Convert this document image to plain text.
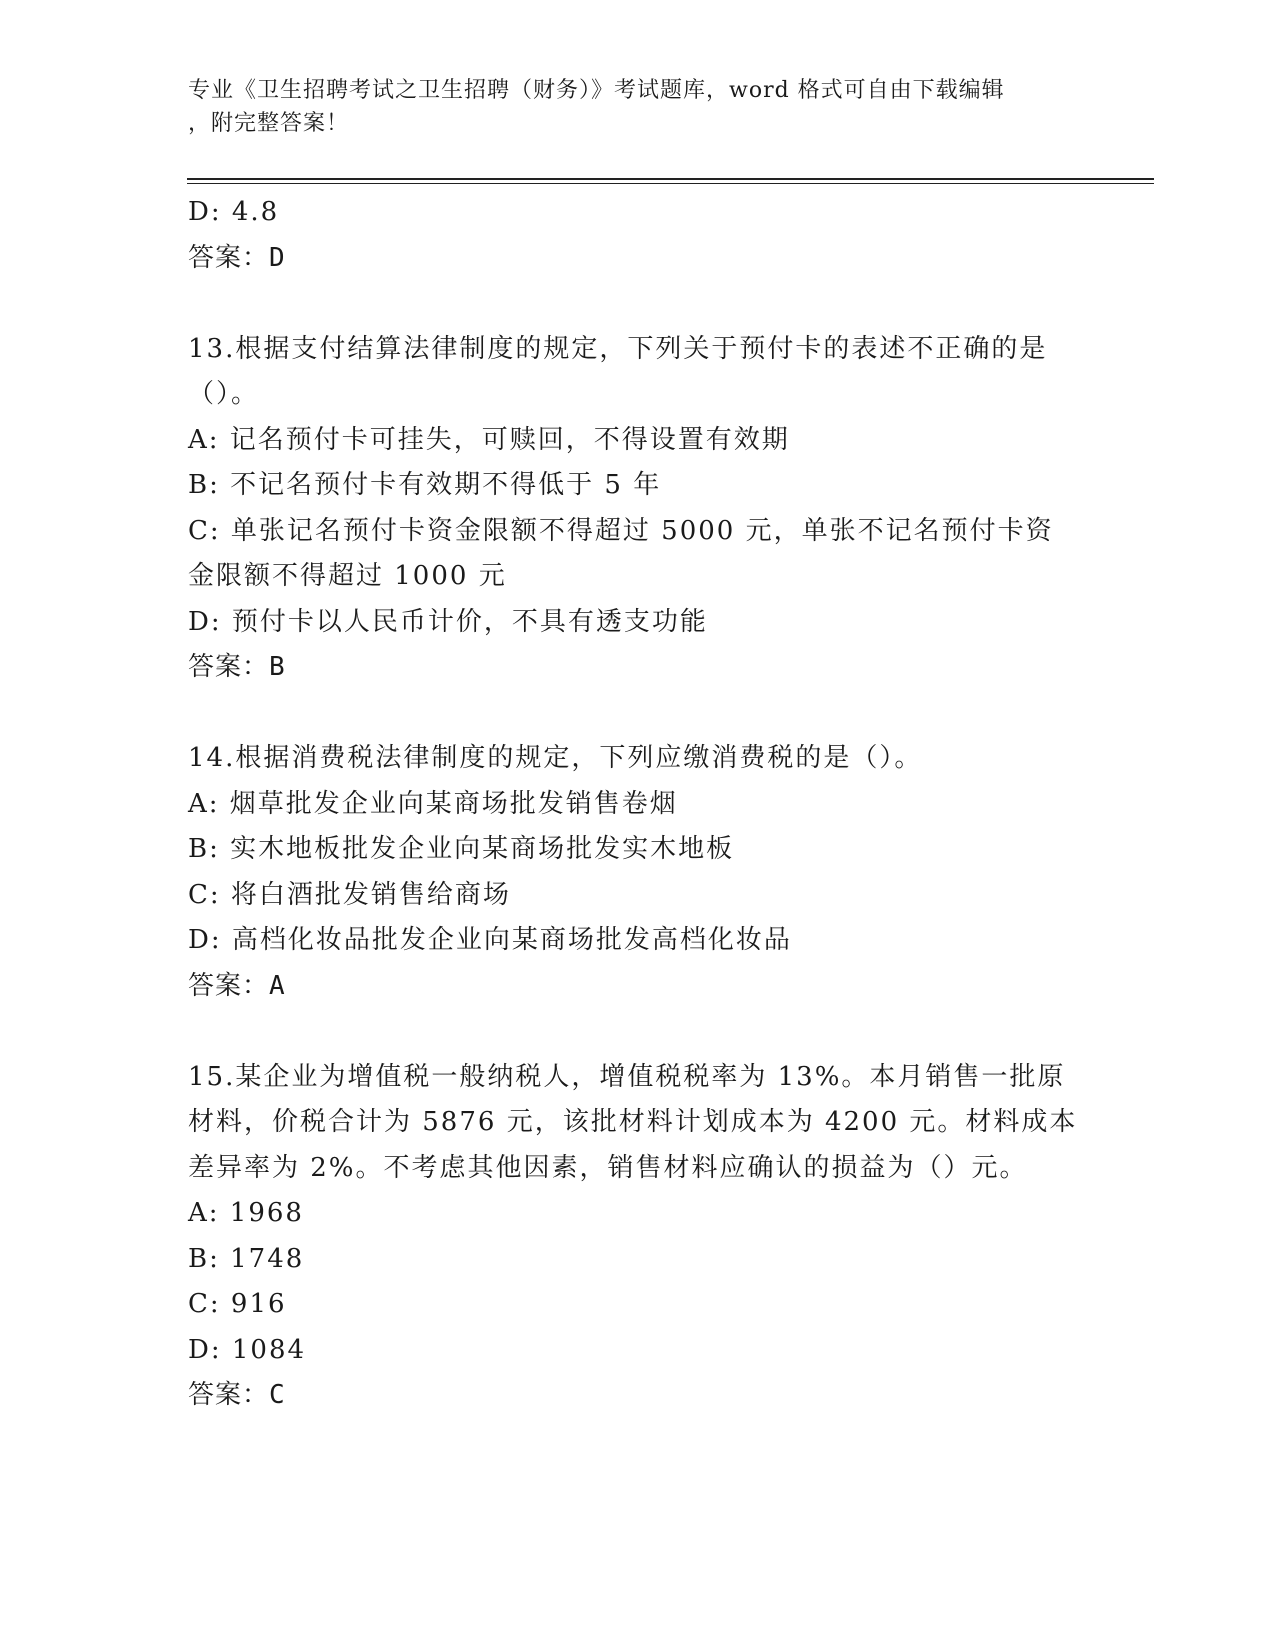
专业《卫生招聘考试之卫生招聘（财务）》考试题库，word 格式可自由下载编辑
，附完整答案！
D: 4.8
答案：D
13.根据支付结算法律制度的规定，下列关于预付卡的表述不正确的是
（）。
A: 记名预付卡可挂失，可赎回，不得设置有效期
B: 不记名预付卡有效期不得低于 5 年
C: 单张记名预付卡资金限额不得超过 5000 元，单张不记名预付卡资
金限额不得超过 1000 元
D: 预付卡以人民币计价，不具有透支功能
答案：B
14.根据消费税法律制度的规定，下列应缴消费税的是（）。
A: 烟草批发企业向某商场批发销售卷烟
B: 实木地板批发企业向某商场批发实木地板
C: 将白酒批发销售给商场
D: 高档化妆品批发企业向某商场批发高档化妆品
答案：A
15.某企业为增值税一般纳税人，增值税税率为 13%。本月销售一批原
材料，价税合计为 5876 元，该批材料计划成本为 4200 元。材料成本
差异率为 2%。不考虑其他因素，销售材料应确认的损益为（）元。
A: 1968
B: 1748
C: 916
D: 1084
答案：C
